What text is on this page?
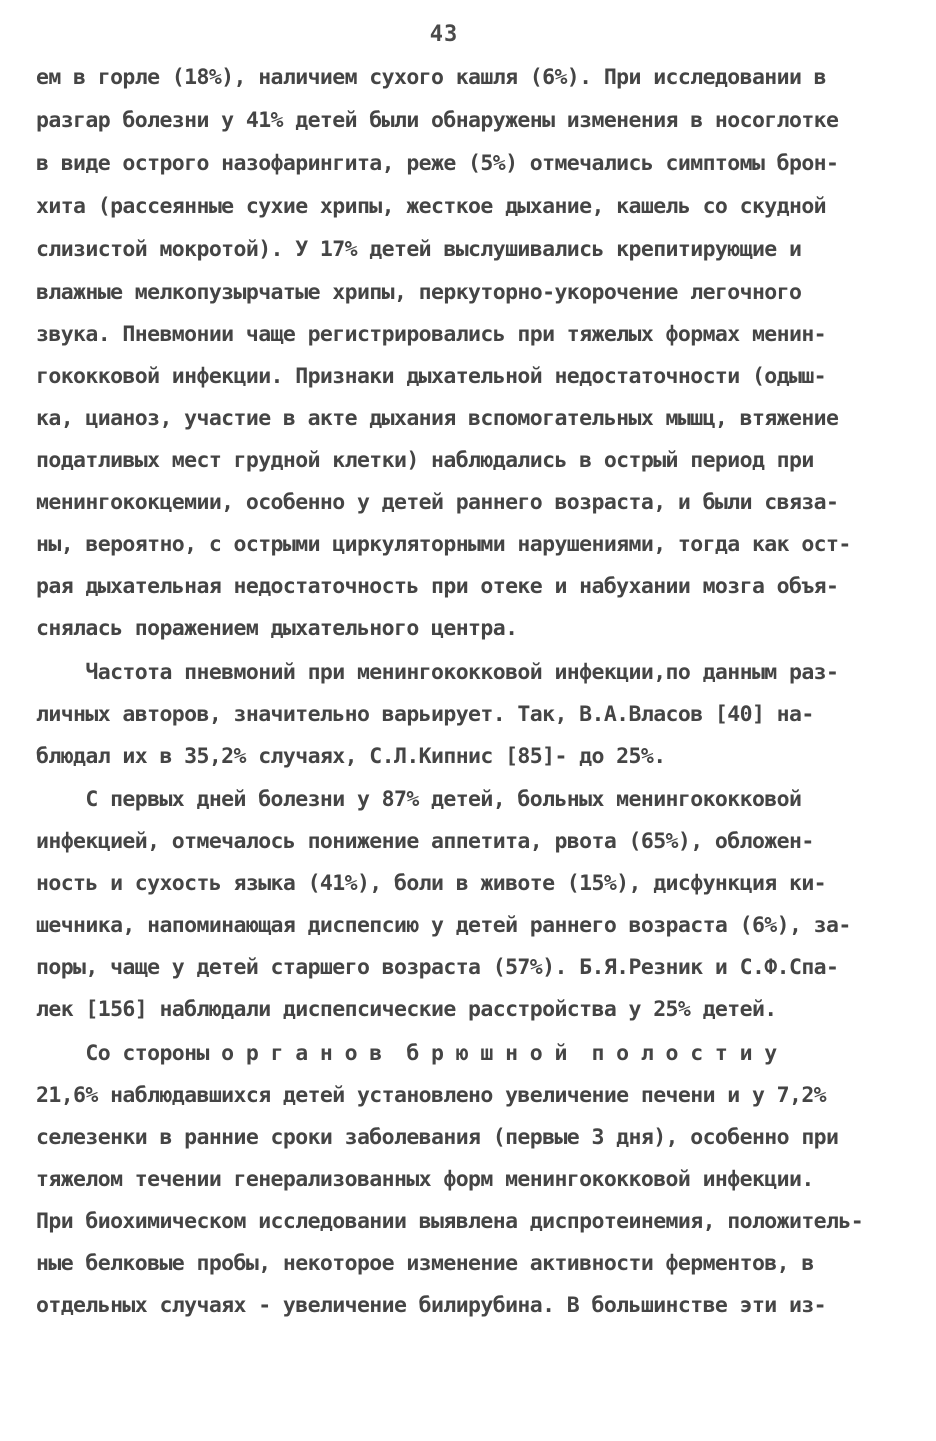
43
ем в горле (18%), наличием сухого кашля (6%). При исследовании в
разгар болезни у 41% детей были обнаружены изменения в носоглотке
в виде острого назофарингита, реже (5%) отмечались симптомы брон-
хита (рассеянные сухие хрипы, жесткое дыхание, кашель со скудной
слизистой мокротой). У 17% детей выслушивались крепитирующие и
влажные мелкопузырчатые хрипы, перкуторно-укорочение легочного
звука. Пневмонии чаще регистрировались при тяжелых формах менин-
гококковой инфекции. Признаки дыхательной недостаточности (одыш-
ка, цианоз, участие в акте дыхания вспомогательных мышц, втяжение
податливых мест грудной клетки) наблюдались в острый период при
менингококцемии, особенно у детей раннего возраста, и были связа-
ны, вероятно, с острыми циркуляторными нарушениями, тогда как ост-
рая дыхательная недостаточность при отеке и набухании мозга объя-
снялась поражением дыхательного центра.
Частота пневмоний при менингококковой инфекции,по данным раз-
личных авторов, значительно варьирует. Так, В.А.Власов [40] на-
блюдал их в 35,2% случаях, С.Л.Кипнис [85]- до 25%.
С первых дней болезни у 87% детей, больных менингококковой
инфекцией, отмечалось понижение аппетита, рвота (65%), обложен-
ность и сухость языка (41%), боли в животе (15%), дисфункция ки-
шечника, напоминающая диспепсию у детей раннего возраста (6%), за-
поры, чаще у детей старшего возраста (57%). Б.Я.Резник и С.Ф.Спа-
лек [156] наблюдали диспепсические расстройства у 25% детей.
Со стороны о р г а н о в  б р ю ш н о й  п о л о с т и у
21,6% наблюдавшихся детей установлено увеличение печени и у 7,2%
селезенки в ранние сроки заболевания (первые 3 дня), особенно при
тяжелом течении генерализованных форм менингококковой инфекции.
При биохимическом исследовании выявлена диспротеинемия, положитель-
ные белковые пробы, некоторое изменение активности ферментов, в
отдельных случаях - увеличение билирубина. В большинстве эти из-
